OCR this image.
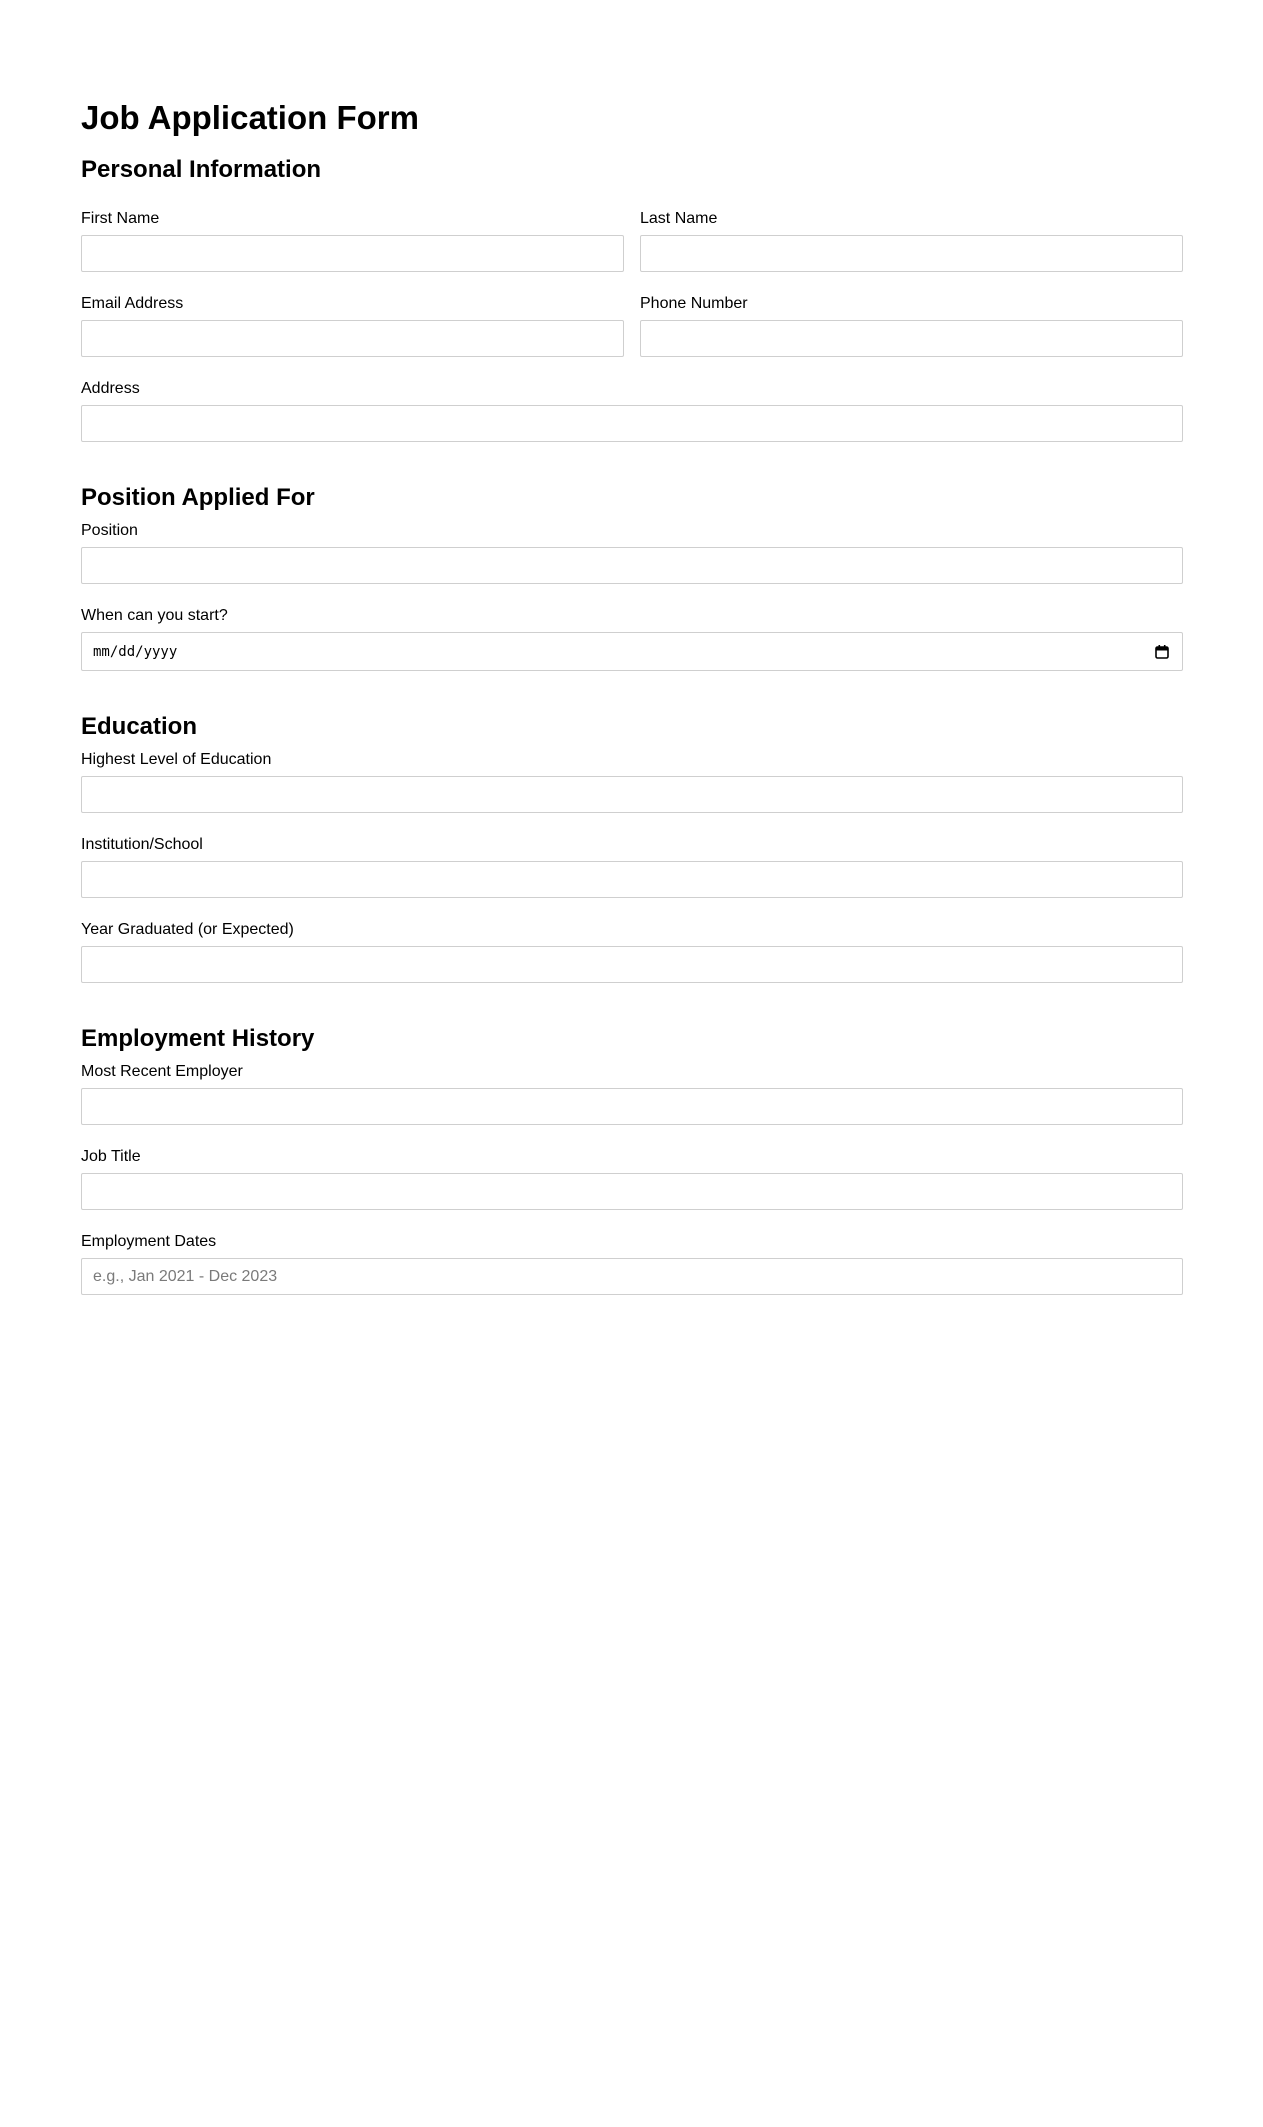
Job Application Form
Personal Information
First Name	Last Name
Email Address	Phone Number
Address
Position Applied For
Position
When can you start?
mm/dd/yyyy
Education
Highest Level of Education
Institution/School
Year Graduated (or Expected)
Employment History
Most Recent Employer
Job Title
Employment Dates
e.g., Jan 2021 - Dec 2023
